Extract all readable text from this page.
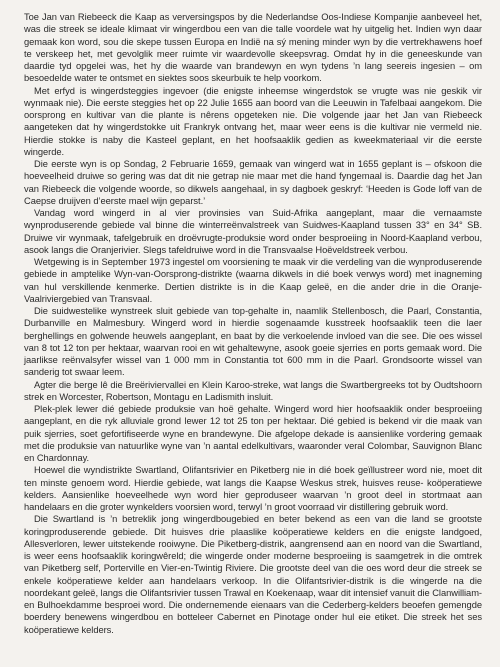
Toe Jan van Riebeeck die Kaap as verversingspos by die Nederlandse Oos-Indiese Kompanjie aanbeveel het, was die streek se ideale klimaat vir wingerdbou een van die talle voordele wat hy uitgelig het. Indien wyn daar gemaak kon word, sou die skepe tussen Europa en Indië na sý mening minder wyn by die vertrekhawens hoef te verskeep het, met gevolglik meer ruimte vir waardevolle skeepsvrag. Omdat hy in die geneeskunde van daardie tyd opgelei was, het hy die waarde van brandewyn en wyn tydens ’n lang seereis ingesien – om besoedelde water te ontsmet en siektes soos skeurbuik te help voorkom.

Met erfyd is wingerdsteggies ingevoer (die enigste inheemse wingerdstok se vrugte was nie geskik vir wynmaak nie). Die eerste steggies het op 22 Julie 1655 aan boord van die Leeuwin in Tafelbaai aangekom. Die oorsprong en kultivar van die plante is nêrens opgeteken nie. Die volgende jaar het Jan van Riebeeck aangeteken dat hy wingerdstokke uit Frankryk ontvang het, maar weer eens is die kultivar nie vermeld nie. Hierdie stokke is naby die Kasteel geplant, en het hoofsaaklik gedien as kweekmateriaal vir die eerste wingerde.

Die eerste wyn is op Sondag, 2 Februarie 1659, gemaak van wingerd wat in 1655 geplant is – ofskoon die hoeveelheid druiwe so gering was dat dit nie getrap nie maar met die hand fyngemaal is. Daardie dag het Jan van Riebeeck die volgende woorde, so dikwels aangehaal, in sy dagboek geskryf: ‘Heeden is Gode loff van de Caepse druijven d’eerste mael wijn geparst.’

Vandag word wingerd in al vier provinsies van Suid-Afrika aangeplant, maar die vernaamste wynproduserende gebiede val binne die winterreënvalstreek van Suidwes-Kaapland tussen 33° en 34° SB. Druiwe vir wynmaak, tafelgebruik en droëvrugte-produksie word onder besproeiing in Noord-Kaapland verbou, asook langs die Oranjerivier. Slegs tafeldruiwe word in die Transvaalse Hoëveldstreek verbou.

Wetgewing is in September 1973 ingestel om voorsiening te maak vir die verdeling van die wynproduserende gebiede in amptelike Wyn-van-Oorsprong-distrikte (waarna dikwels in dié boek verwys word) met inagneming van hul verskillende kenmerke. Dertien distrikte is in die Kaap geleë, en die ander drie in die Oranje-Vaalriviergebied van Transvaal.

Die suidwestelike wynstreek sluit gebiede van top-gehalte in, naamlik Stellenbosch, die Paarl, Constantia, Durbanville en Malmesbury. Wingerd word in hierdie sogenaamde kusstreek hoofsaaklik teen die laer berghellings en golwende heuwels aangeplant, en baat by die verkoelende invloed van die see. Die oes wissel van 8 tot 12 ton per hektaar, waarvan rooi en wit gehaltewyne, asook goeie sjerries en ports gemaak word. Die jaarlikse reënvalsyfer wissel van 1 000 mm in Constantia tot 600 mm in die Paarl. Grondsoorte wissel van sanderig tot swaar leem.

Agter die berge lê die Breëriviervallei en Klein Karoo-streke, wat langs die Swartbergreeks tot by Oudtshoorn strek en Worcester, Robertson, Montagu en Ladismith insluit.

Plek-plek lewer dié gebiede produksie van hoë gehalte. Wingerd word hier hoofsaaklik onder besproeiing aangeplant, en die ryk alluviale grond lewer 12 tot 25 ton per hektaar. Dié gebied is bekend vir die maak van puik sjerries, soet gefortifiseerde wyne en brandewyne. Die afgelope dekade is aansienlike vordering gemaak met die produksie van natuurlike wyne van ’n aantal edelkultivars, waaronder veral Colombar, Sauvignon Blanc en Chardonnay.

Hoewel die wyndistrikte Swartland, Olifantsrivier en Piketberg nie in dié boek geïllustreer word nie, moet dit ten minste genoem word. Hierdie gebiede, wat langs die Kaapse Weskus strek, huisves reuse- koöperatiewe kelders. Aansienlike hoeveelhede wyn word hier geproduseer waarvan ’n groot deel in stortmaat aan handelaars en die groter wynkelders voorsien word, terwyl ’n groot voorraad vir distillering gebruik word.

Die Swartland is ’n betreklik jong wingerdbougebied en beter bekend as een van die land se grootste koringproduserende gebiede. Dit huisves drie plaaslike koöperatiewe kelders en die enigste landgoed, Allesverloren, lewer uitstekende rooiwyne. Die Piketberg-distrik, aangrensend aan en noord van die Swartland, is weer eens hoofsaaklik koringwêreld; die wingerde onder moderne besproeiing is saamgetrek in die omtrek van Piketberg self, Porterville en Vier-en-Twintig Riviere. Die grootste deel van die oes word deur die streek se enkele koöperatiewe kelder aan handelaars verkoop. In die Olifantsrivier-distrik is die wingerde na die noordekant geleë, langs die Olifantsrivier tussen Trawal en Koekenaap, waar dit intensief vanuit die Clanwilliam- en Bulhoekdamme besproei word. Die ondernemende eienaars van die Cederberg-kelders beoefen gemengde boerdery benewens wingerdbou en botteleer Cabernet en Pinotage onder hul eie etiket. Die streek het ses koöperatiewe kelders.
